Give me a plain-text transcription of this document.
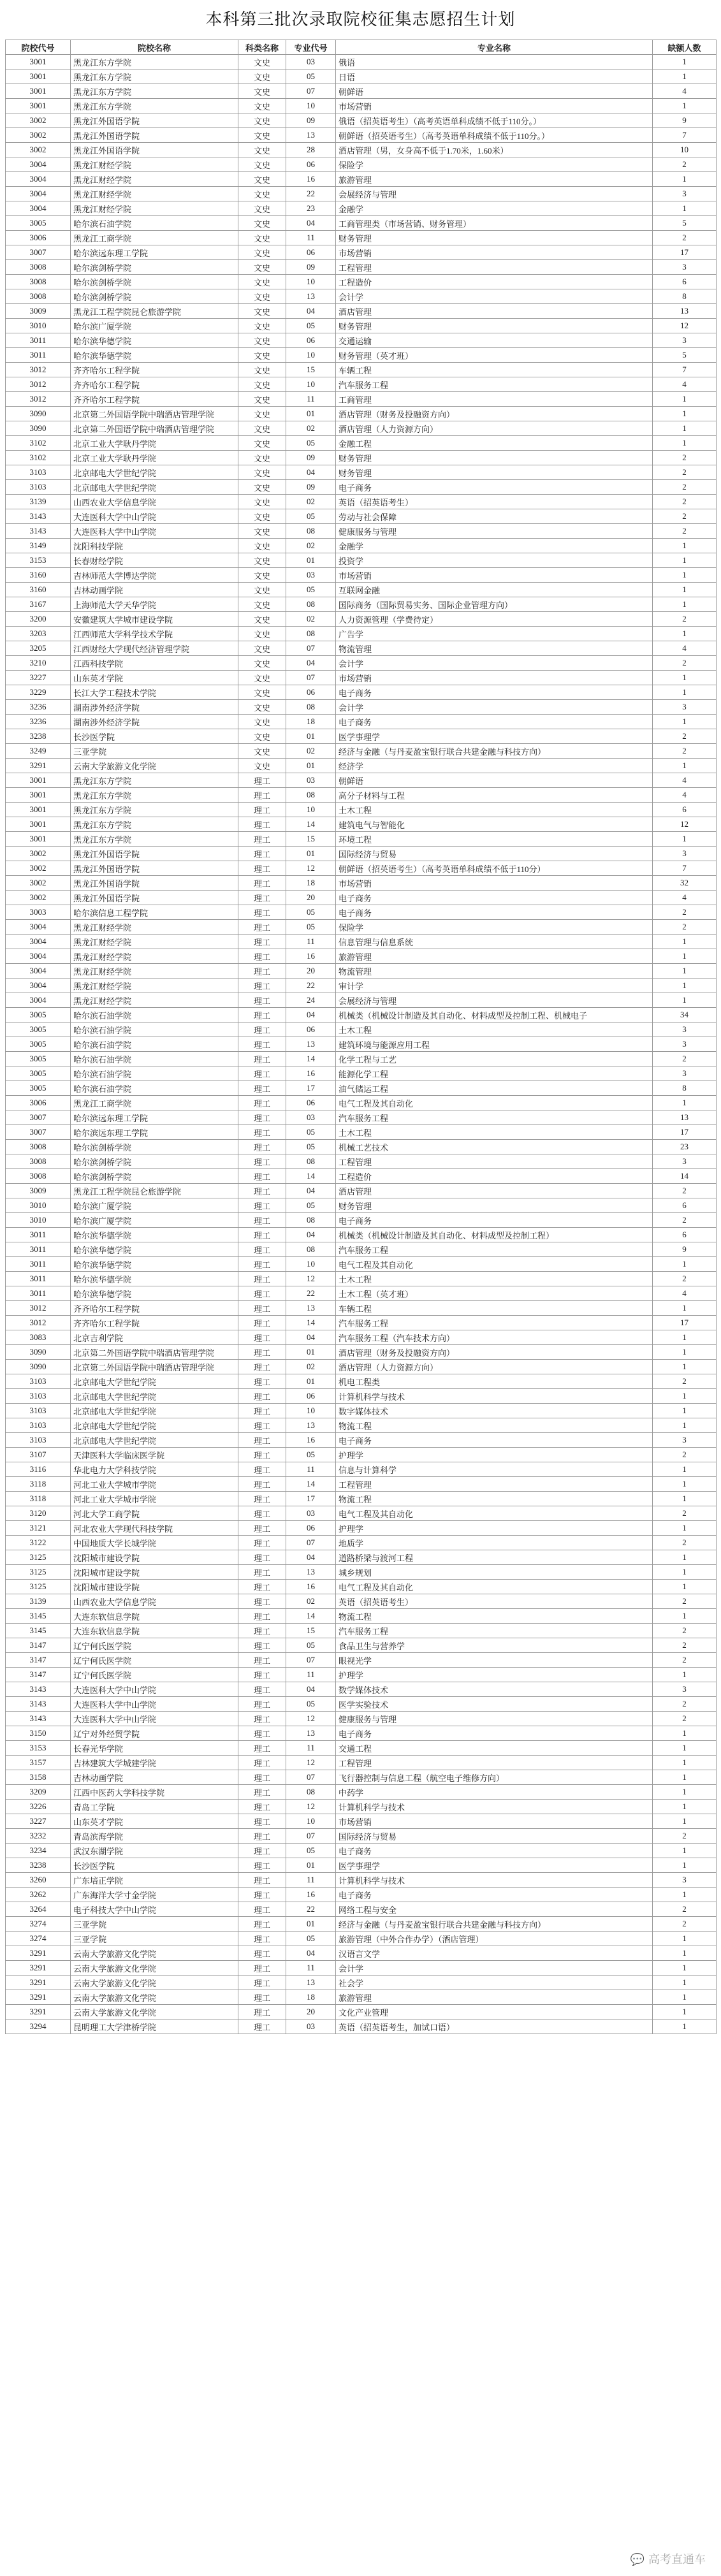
本科第三批次录取院校征集志愿招生计划
院校代号	院校名称	科类名称	专业代号	专业名称	缺额人数
3001	黑龙江东方学院	文史	03	俄语	1
3001	黑龙江东方学院	文史	05	日语	1
3001	黑龙江东方学院	文史	07	朝鲜语	4
3001	黑龙江东方学院	文史	10	市场营销	1
3002	黑龙江外国语学院	文史	09	俄语（招英语考生）（高考英语单科成绩不低于110分。）	9
3002	黑龙江外国语学院	文史	13	朝鲜语（招英语考生）（高考英语单科成绩不低于110分。）	7
3002	黑龙江外国语学院	文史	28	酒店管理（男，女身高不低于1.70米，1.60米）	10
3004	黑龙江财经学院	文史	06	保险学	2
3004	黑龙江财经学院	文史	16	旅游管理	1
3004	黑龙江财经学院	文史	22	会展经济与管理	3
3004	黑龙江财经学院	文史	23	金融学	1
3005	哈尔滨石油学院	文史	04	工商管理类（市场营销、财务管理）	5
3006	黑龙江工商学院	文史	11	财务管理	2
3007	哈尔滨远东理工学院	文史	06	市场营销	17
3008	哈尔滨剑桥学院	文史	09	工程管理	3
3008	哈尔滨剑桥学院	文史	10	工程造价	6
3008	哈尔滨剑桥学院	文史	13	会计学	8
3009	黑龙江工程学院昆仑旅游学院	文史	04	酒店管理	13
3010	哈尔滨广厦学院	文史	05	财务管理	12
3011	哈尔滨华德学院	文史	06	交通运输	3
3011	哈尔滨华德学院	文史	10	财务管理（英才班）	5
3012	齐齐哈尔工程学院	文史	15	车辆工程	7
3012	齐齐哈尔工程学院	文史	10	汽车服务工程	4
3012	齐齐哈尔工程学院	文史	11	工商管理	1
3090	北京第二外国语学院中瑞酒店管理学院	文史	01	酒店管理（财务及投融资方向）	1
3090	北京第二外国语学院中瑞酒店管理学院	文史	02	酒店管理（人力资源方向）	1
3102	北京工业大学耿丹学院	文史	05	金融工程	1
3102	北京工业大学耿丹学院	文史	09	财务管理	2
3103	北京邮电大学世纪学院	文史	04	财务管理	2
3103	北京邮电大学世纪学院	文史	09	电子商务	2
3139	山西农业大学信息学院	文史	02	英语（招英语考生）	2
3143	大连医科大学中山学院	文史	05	劳动与社会保障	2
3143	大连医科大学中山学院	文史	08	健康服务与管理	2
3149	沈阳科技学院	文史	02	金融学	1
3153	长春财经学院	文史	01	投资学	1
3160	吉林师范大学博达学院	文史	03	市场营销	1
3160	吉林动画学院	文史	05	互联网金融	1
3167	上海师范大学天华学院	文史	08	国际商务（国际贸易实务、国际企业管理方向）	1
3200	安徽建筑大学城市建设学院	文史	02	人力资源管理（学费待定）	2
3203	江西师范大学科学技术学院	文史	08	广告学	1
3205	江西财经大学现代经济管理学院	文史	07	物流管理	4
3210	江西科技学院	文史	04	会计学	2
3227	山东英才学院	文史	07	市场营销	1
3229	长江大学工程技术学院	文史	06	电子商务	1
3236	湖南涉外经济学院	文史	08	会计学	3
3236	湖南涉外经济学院	文史	18	电子商务	1
3238	长沙医学院	文史	01	医学事理学	2
3249	三亚学院	文史	02	经济与金融（与丹麦盈宝银行联合共建金融与科技方向）	2
3291	云南大学旅游文化学院	文史	01	经济学	1
3001	黑龙江东方学院	理工	03	朝鲜语	4
3001	黑龙江东方学院	理工	08	高分子材料与工程	4
3001	黑龙江东方学院	理工	10	土木工程	6
3001	黑龙江东方学院	理工	14	建筑电气与智能化	12
3001	黑龙江东方学院	理工	15	环境工程	1
3002	黑龙江外国语学院	理工	01	国际经济与贸易	3
3002	黑龙江外国语学院	理工	12	朝鲜语（招英语考生）（高考英语单科成绩不低于110分）	7
3002	黑龙江外国语学院	理工	18	市场营销	32
3002	黑龙江外国语学院	理工	20	电子商务	4
3003	哈尔滨信息工程学院	理工	05	电子商务	2
3004	黑龙江财经学院	理工	05	保险学	2
3004	黑龙江财经学院	理工	11	信息管理与信息系统	1
3004	黑龙江财经学院	理工	16	旅游管理	1
3004	黑龙江财经学院	理工	20	物流管理	1
3004	黑龙江财经学院	理工	22	审计学	1
3004	黑龙江财经学院	理工	24	会展经济与管理	1
3005	哈尔滨石油学院	理工	04	机械类（机械设计制造及其自动化、材料成型及控制工程、机械电子	34
3005	哈尔滨石油学院	理工	06	土木工程	3
3005	哈尔滨石油学院	理工	13	建筑环境与能源应用工程	3
3005	哈尔滨石油学院	理工	14	化学工程与工艺	2
3005	哈尔滨石油学院	理工	16	能源化学工程	3
3005	哈尔滨石油学院	理工	17	油气储运工程	8
3006	黑龙江工商学院	理工	06	电气工程及其自动化	1
3007	哈尔滨远东理工学院	理工	03	汽车服务工程	13
3007	哈尔滨远东理工学院	理工	05	土木工程	17
3008	哈尔滨剑桥学院	理工	05	机械工艺技术	23
3008	哈尔滨剑桥学院	理工	08	工程管理	3
3008	哈尔滨剑桥学院	理工	14	工程造价	14
3009	黑龙江工程学院昆仑旅游学院	理工	04	酒店管理	2
3010	哈尔滨广厦学院	理工	05	财务管理	6
3010	哈尔滨广厦学院	理工	08	电子商务	2
3011	哈尔滨华德学院	理工	04	机械类（机械设计制造及其自动化、材料成型及控制工程）	6
3011	哈尔滨华德学院	理工	08	汽车服务工程	9
3011	哈尔滨华德学院	理工	10	电气工程及其自动化	1
3011	哈尔滨华德学院	理工	12	土木工程	2
3011	哈尔滨华德学院	理工	22	土木工程（英才班）	4
3012	齐齐哈尔工程学院	理工	13	车辆工程	1
3012	齐齐哈尔工程学院	理工	14	汽车服务工程	17
3083	北京吉利学院	理工	04	汽车服务工程（汽车技术方向）	1
3090	北京第二外国语学院中瑞酒店管理学院	理工	01	酒店管理（财务及投融资方向）	1
3090	北京第二外国语学院中瑞酒店管理学院	理工	02	酒店管理（人力资源方向）	1
3103	北京邮电大学世纪学院	理工	01	机电工程类	2
3103	北京邮电大学世纪学院	理工	06	计算机科学与技术	1
3103	北京邮电大学世纪学院	理工	10	数字媒体技术	1
3103	北京邮电大学世纪学院	理工	13	物流工程	1
3103	北京邮电大学世纪学院	理工	16	电子商务	3
3107	天津医科大学临床医学院	理工	05	护理学	2
3116	华北电力大学科技学院	理工	11	信息与计算科学	1
3118	河北工业大学城市学院	理工	14	工程管理	1
3118	河北工业大学城市学院	理工	17	物流工程	1
3120	河北大学工商学院	理工	03	电气工程及其自动化	2
3121	河北农业大学现代科技学院	理工	06	护理学	1
3122	中国地质大学长城学院	理工	07	地质学	2
3125	沈阳城市建设学院	理工	04	道路桥梁与渡河工程	1
3125	沈阳城市建设学院	理工	13	城乡规划	1
3125	沈阳城市建设学院	理工	16	电气工程及其自动化	1
3139	山西农业大学信息学院	理工	02	英语（招英语考生）	2
3145	大连东软信息学院	理工	14	物流工程	1
3145	大连东软信息学院	理工	15	汽车服务工程	2
3147	辽宁何氏医学院	理工	05	食品卫生与营养学	2
3147	辽宁何氏医学院	理工	07	眼视光学	2
3147	辽宁何氏医学院	理工	11	护理学	1
3143	大连医科大学中山学院	理工	04	数学媒体技术	3
3143	大连医科大学中山学院	理工	05	医学实验技术	2
3143	大连医科大学中山学院	理工	12	健康服务与管理	2
3150	辽宁对外经贸学院	理工	13	电子商务	1
3153	长春光华学院	理工	11	交通工程	1
3157	吉林建筑大学城建学院	理工	12	工程管理	1
3158	吉林动画学院	理工	07	飞行器控制与信息工程（航空电子维修方向）	1
3209	江西中医药大学科技学院	理工	08	中药学	1
3226	青岛工学院	理工	12	计算机科学与技术	1
3227	山东英才学院	理工	10	市场营销	1
3232	青岛滨海学院	理工	07	国际经济与贸易	2
3234	武汉东湖学院	理工	05	电子商务	1
3238	长沙医学院	理工	01	医学事理学	1
3260	广东培正学院	理工	11	计算机科学与技术	3
3262	广东海洋大学寸金学院	理工	16	电子商务	1
3264	电子科技大学中山学院	理工	22	网络工程与安全	2
3274	三亚学院	理工	01	经济与金融（与丹麦盈宝银行联合共建金融与科技方向）	2
3274	三亚学院	理工	05	旅游管理（中外合作办学）（酒店管理）	1
3291	云南大学旅游文化学院	理工	04	汉语言文学	1
3291	云南大学旅游文化学院	理工	11	会计学	1
3291	云南大学旅游文化学院	理工	13	社会学	1
3291	云南大学旅游文化学院	理工	18	旅游管理	1
3291	云南大学旅游文化学院	理工	20	文化产业管理	1
3294	昆明理工大学津桥学院	理工	03	英语（招英语考生，加试口语）	1
💬 高考直通车
